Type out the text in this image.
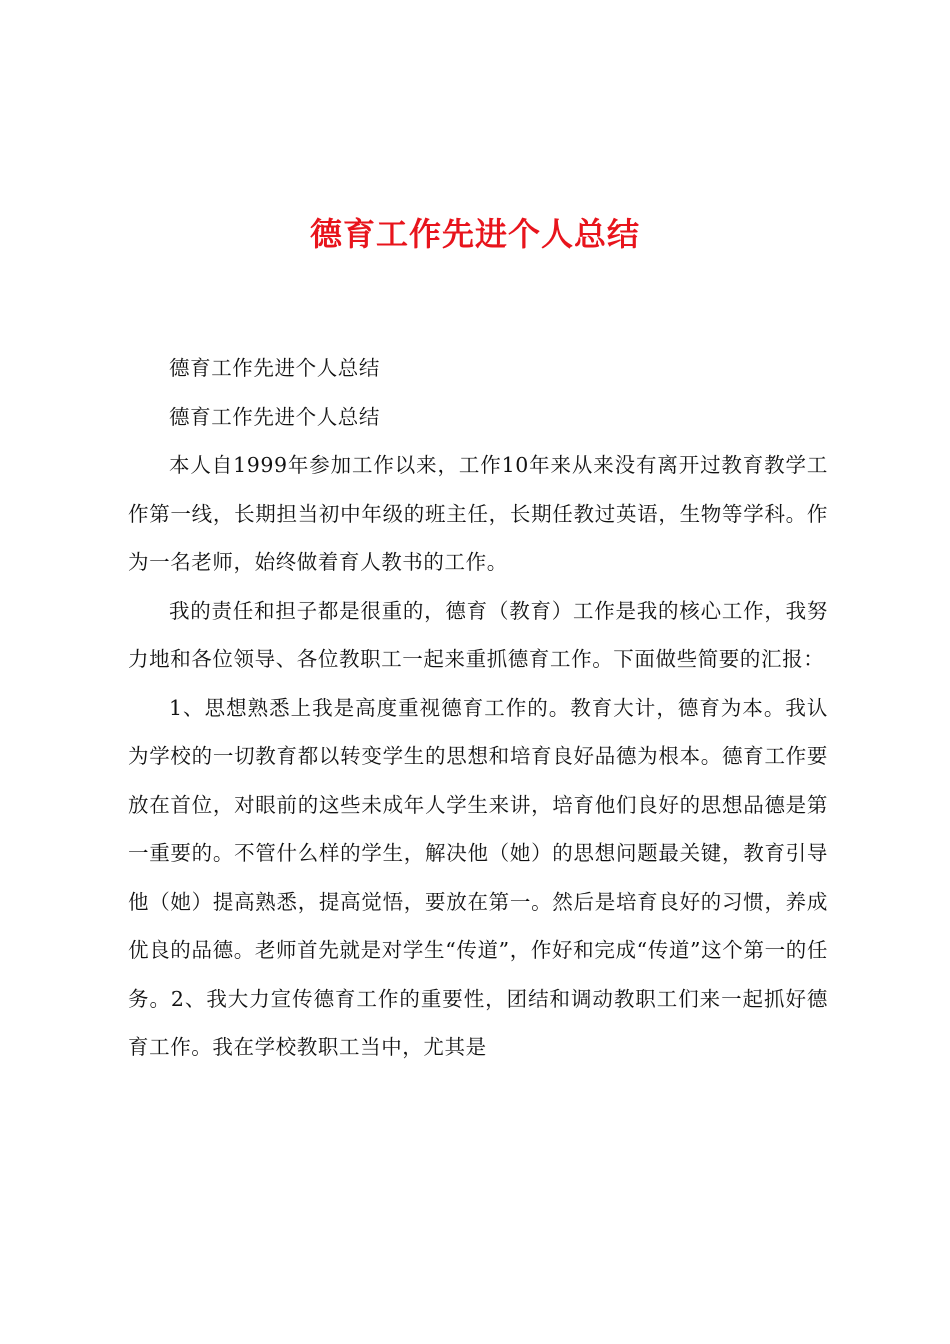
德育工作先进个人总结

德育工作先进个人总结

德育工作先进个人总结

本人自1999年参加工作以来，工作10年来从来没有离开过教育教学工作第一线，长期担当初中年级的班主任，长期任教过英语，生物等学科。作为一名老师，始终做着育人教书的工作。

我的责任和担子都是很重的，德育（教育）工作是我的核心工作，我努力地和各位领导、各位教职工一起来重抓德育工作。下面做些简要的汇报：

1、思想熟悉上我是高度重视德育工作的。教育大计，德育为本。我认为学校的一切教育都以转变学生的思想和培育良好品德为根本。德育工作要放在首位，对眼前的这些未成年人学生来讲，培育他们良好的思想品德是第一重要的。不管什么样的学生，解决他（她）的思想问题最关键，教育引导他（她）提高熟悉，提高觉悟，要放在第一。然后是培育良好的习惯，养成优良的品德。老师首先就是对学生“传道”，作好和完成“传道”这个第一的任务。2、我大力宣传德育工作的重要性，团结和调动教职工们来一起抓好德育工作。我在学校教职工当中，尤其是
